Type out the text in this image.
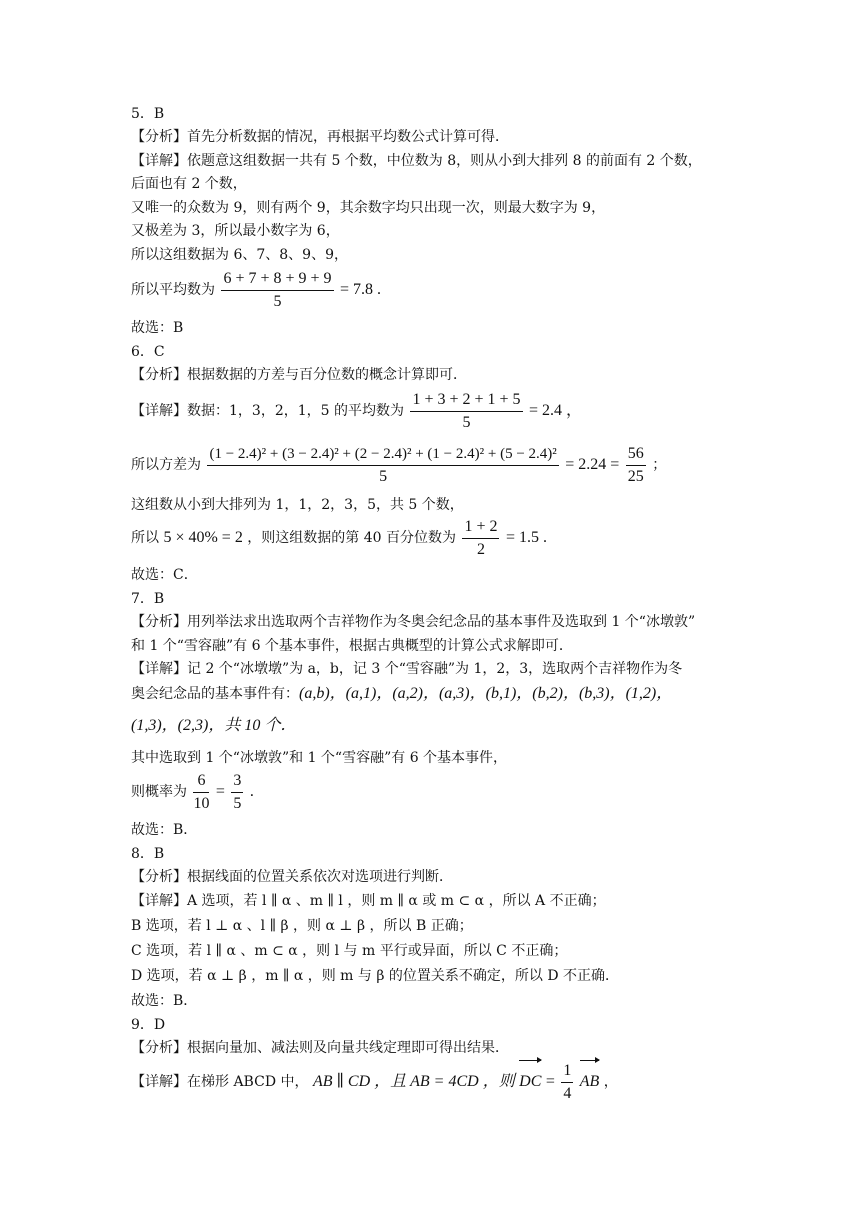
5．B
【分析】首先分析数据的情况，再根据平均数公式计算可得．
【详解】依题意这组数据一共有 5 个数，中位数为 8，则从小到大排列 8 的前面有 2 个数，
后面也有 2 个数，
又唯一的众数为 9，则有两个 9，其余数字均只出现一次，则最大数字为 9，
又极差为 3，所以最小数字为 6，
所以这组数据为 6、7、8、9、9，
所以平均数为 $\frac{6 + 7 + 8 + 9 + 9}{5} = 7.8$ .
故选：B
6．C
【分析】根据数据的方差与百分位数的概念计算即可．
【详解】数据：1，3，2，1，5 的平均数为 $\frac{1 + 3 + 2 + 1 + 5}{5} = 2.4$ ，
所以方差为
(1 − 2.4)² + (3 − 2.4)² + (2 − 2.4)² + (1 − 2.4)² + (5 − 2.4)²
5
= $2.24 = \frac{56}{25}$ ；
这组数从小到大排列为 1，1，2，3，5，共 5 个数，
所以 5 × 40% = 2 ，则这组数据的第 40 百分位数为 $\frac{1 + 2}{2} = 1.5$ .
故选：C．
7．B
【分析】用列举法求出选取两个吉祥物作为冬奥会纪念品的基本事件及选取到 1 个“冰墩敦”
和 1 个“雪容融”有 6 个基本事件，根据古典概型的计算公式求解即可．
【详解】记 2 个“冰墩墩”为 a，b，记 3 个“雪容融”为 1，2，3，选取两个吉祥物作为冬
奥会纪念品的基本事件有：(a,b)，(a,1)，(a,2)，(a,3)，(b,1)，(b,2)，(b,3)，(1,2)，
(1,3)，(2,3)，共 10 个．
其中选取到 1 个“冰墩敦”和 1 个“雪容融”有 6 个基本事件，
则概率为 $\frac{6}{10} = \frac{3}{5}$ .
故选：B．
8．B
【分析】根据线面的位置关系依次对选项进行判断．
【详解】A 选项，若 l ∥ α 、m ∥ l ，则 m ∥ α 或 m ⊂ α ，所以 A 不正确；
B 选项，若 l ⊥ α 、l ∥ β ，则 α ⊥ β ，所以 B 正确；
C 选项，若 l ∥ α 、m ⊂ α ，则 l 与 m 平行或异面，所以 C 不正确；
D 选项，若 α ⊥ β ，m ∥ α ，则 m 与 β 的位置关系不确定，所以 D 不正确．
故选：B．
9．D
【分析】根据向量加、减法则及向量共线定理即可得出结果．
【详解】在梯形 ABCD 中， AB ∥ CD ，且 AB = 4CD ，则 DC = $\frac{1}{4}$ AB ，
